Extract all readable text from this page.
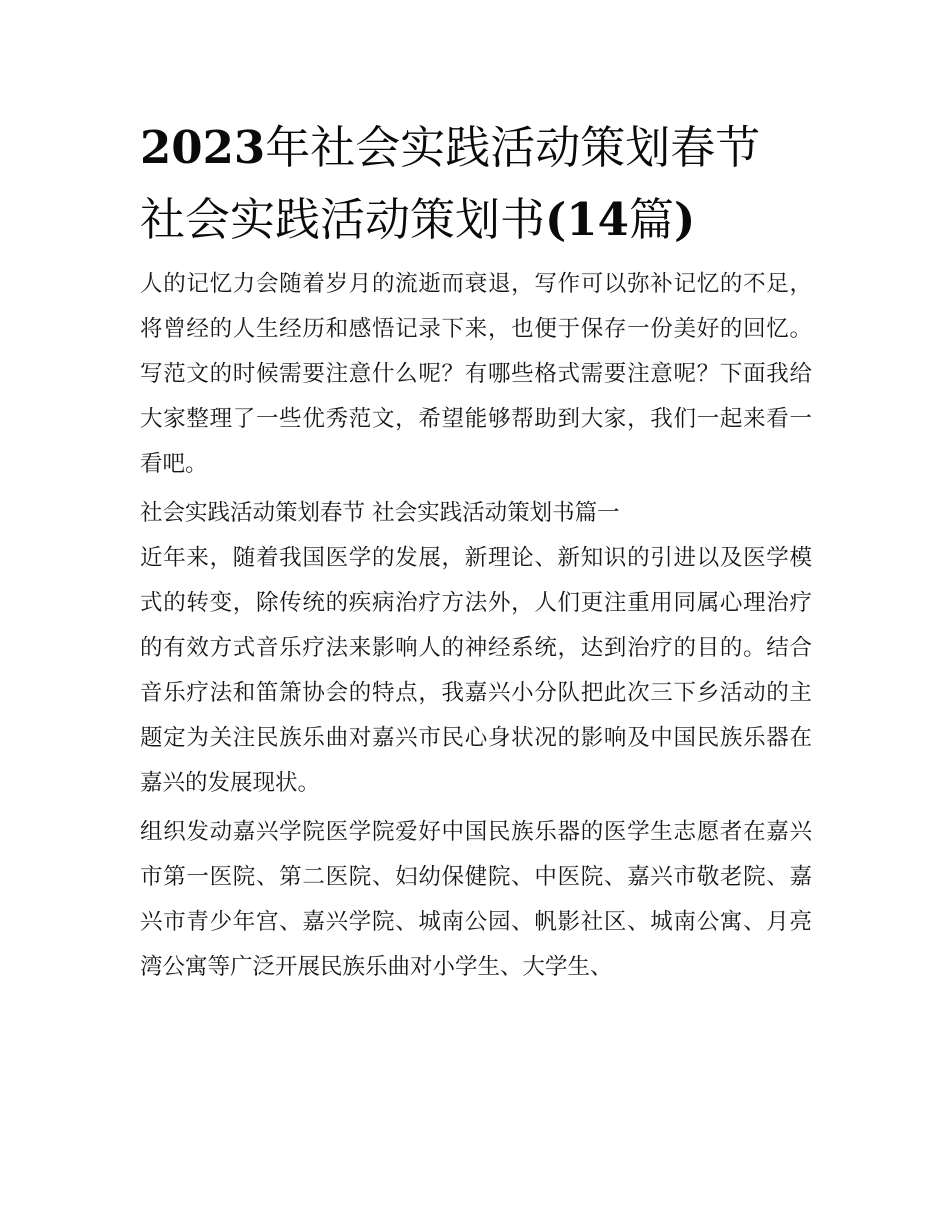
2023年社会实践活动策划春节
社会实践活动策划书(14篇)

人的记忆力会随着岁月的流逝而衰退，写作可以弥补记忆的不足，将曾经的人生经历和感悟记录下来，也便于保存一份美好的回忆。写范文的时候需要注意什么呢？有哪些格式需要注意呢？下面我给大家整理了一些优秀范文，希望能够帮助到大家，我们一起来看一看吧。

社会实践活动策划春节 社会实践活动策划书篇一

近年来，随着我国医学的发展，新理论、新知识的引进以及医学模式的转变，除传统的疾病治疗方法外，人们更注重用同属心理治疗的有效方式音乐疗法来影响人的神经系统，达到治疗的目的。结合音乐疗法和笛箫协会的特点，我嘉兴小分队把此次三下乡活动的主题定为关注民族乐曲对嘉兴市民心身状况的影响及中国民族乐器在嘉兴的发展现状。

组织发动嘉兴学院医学院爱好中国民族乐器的医学生志愿者在嘉兴市第一医院、第二医院、妇幼保健院、中医院、嘉兴市敬老院、嘉兴市青少年宫、嘉兴学院、城南公园、帆影社区、城南公寓、月亮湾公寓等广泛开展民族乐曲对小学生、大学生、
